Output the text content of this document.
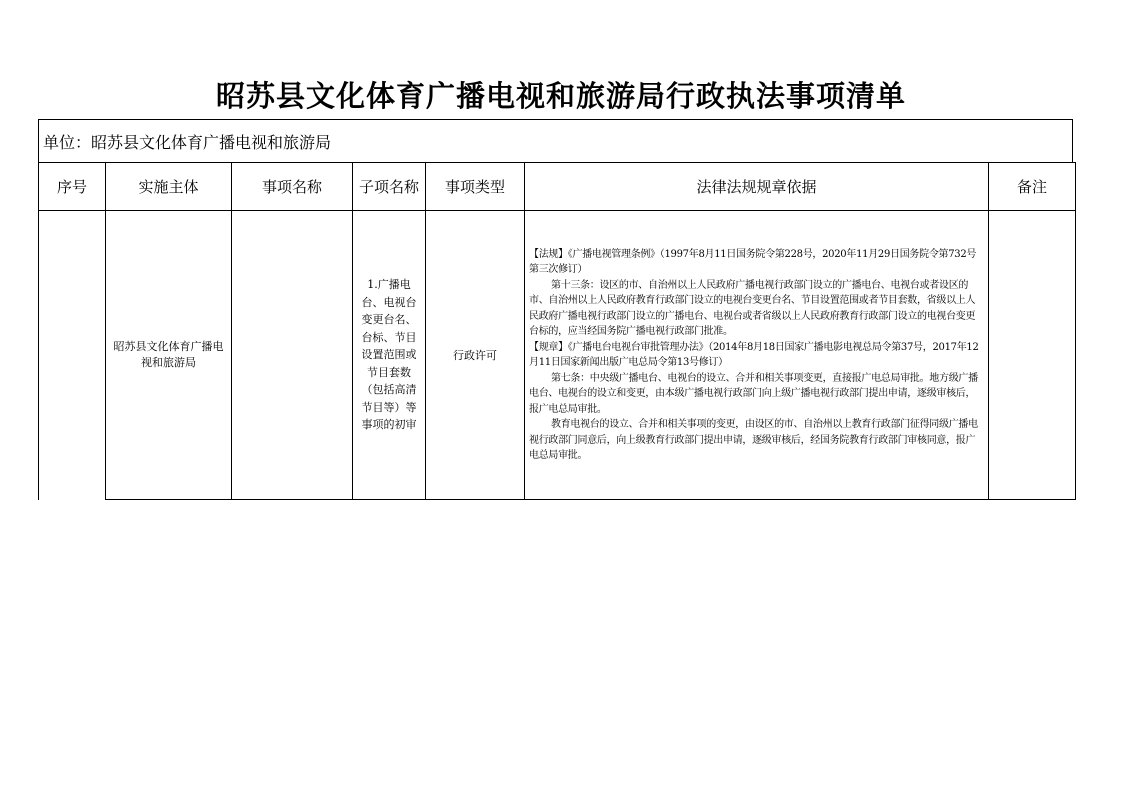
昭苏县文化体育广播电视和旅游局行政执法事项清单
单位：昭苏县文化体育广播电视和旅游局
序号	实施主体	事项名称	子项名称	事项类型	法律法规规章依据	备注

	昭苏县文化体育广播电视和旅游局		1.广播电台、电视台变更台名、台标、节目设置范围或节目套数（包括高清节目等）等事项的初审	行政许可	【法规】《广播电视管理条例》（1997年8月11日国务院令第228号，2020年11月29日国务院令第732号第三次修订）

第十三条：设区的市、自治州以上人民政府广播电视行政部门设立的广播电台、电视台或者设区的市、自治州以上人民政府教育行政部门设立的电视台变更台名、节目设置范围或者节目套数，省级以上人民政府广播电视行政部门设立的广播电台、电视台或者省级以上人民政府教育行政部门设立的电视台变更台标的，应当经国务院广播电视行政部门批准。

【规章】《广播电台电视台审批管理办法》（2014年8月18日国家广播电影电视总局令第37号，2017年12月11日国家新闻出版广电总局令第13号修订）

第七条：中央级广播电台、电视台的设立、合并和相关事项变更，直接报广电总局审批。地方级广播电台、电视台的设立和变更，由本级广播电视行政部门向上级广播电视行政部门提出申请，逐级审核后，报广电总局审批。

教育电视台的设立、合并和相关事项的变更，由设区的市、自治州以上教育行政部门征得同级广播电视行政部门同意后，向上级教育行政部门提出申请，逐级审核后，经国务院教育行政部门审核同意，报广电总局审批。	
